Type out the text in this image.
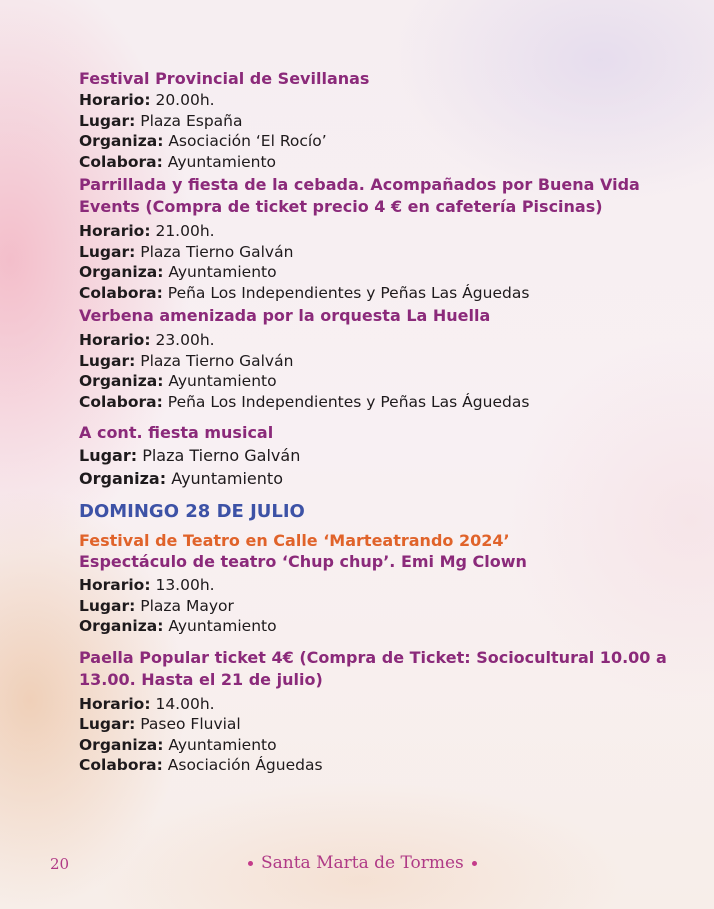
Festival Provincial de Sevillanas
Horario: 20.00h.
Lugar: Plaza España
Organiza: Asociación ‘El Rocío’
Colabora: Ayuntamiento
Parrillada y fiesta de la cebada. Acompañados por Buena Vida Events (Compra de ticket precio 4 € en cafetería Piscinas)
Horario: 21.00h.
Lugar: Plaza Tierno Galván
Organiza: Ayuntamiento
Colabora: Peña Los Independientes y Peñas Las Águedas
Verbena amenizada por la orquesta La Huella
Horario: 23.00h.
Lugar: Plaza Tierno Galván
Organiza: Ayuntamiento
Colabora: Peña Los Independientes y Peñas Las Águedas
A cont. fiesta musical
Lugar: Plaza Tierno Galván
Organiza: Ayuntamiento
DOMINGO 28 DE JULIO
Festival de Teatro en Calle ‘Marteatrando 2024’
Espectáculo de teatro ‘Chup chup’. Emi Mg Clown
Horario: 13.00h.
Lugar: Plaza Mayor
Organiza: Ayuntamiento
Paella Popular ticket 4€ (Compra de Ticket: Sociocultural 10.00 a 13.00. Hasta el 21 de julio)
Horario: 14.00h.
Lugar: Paseo Fluvial
Organiza: Ayuntamiento
Colabora: Asociación Águedas
20	Santa Marta de Tormes
